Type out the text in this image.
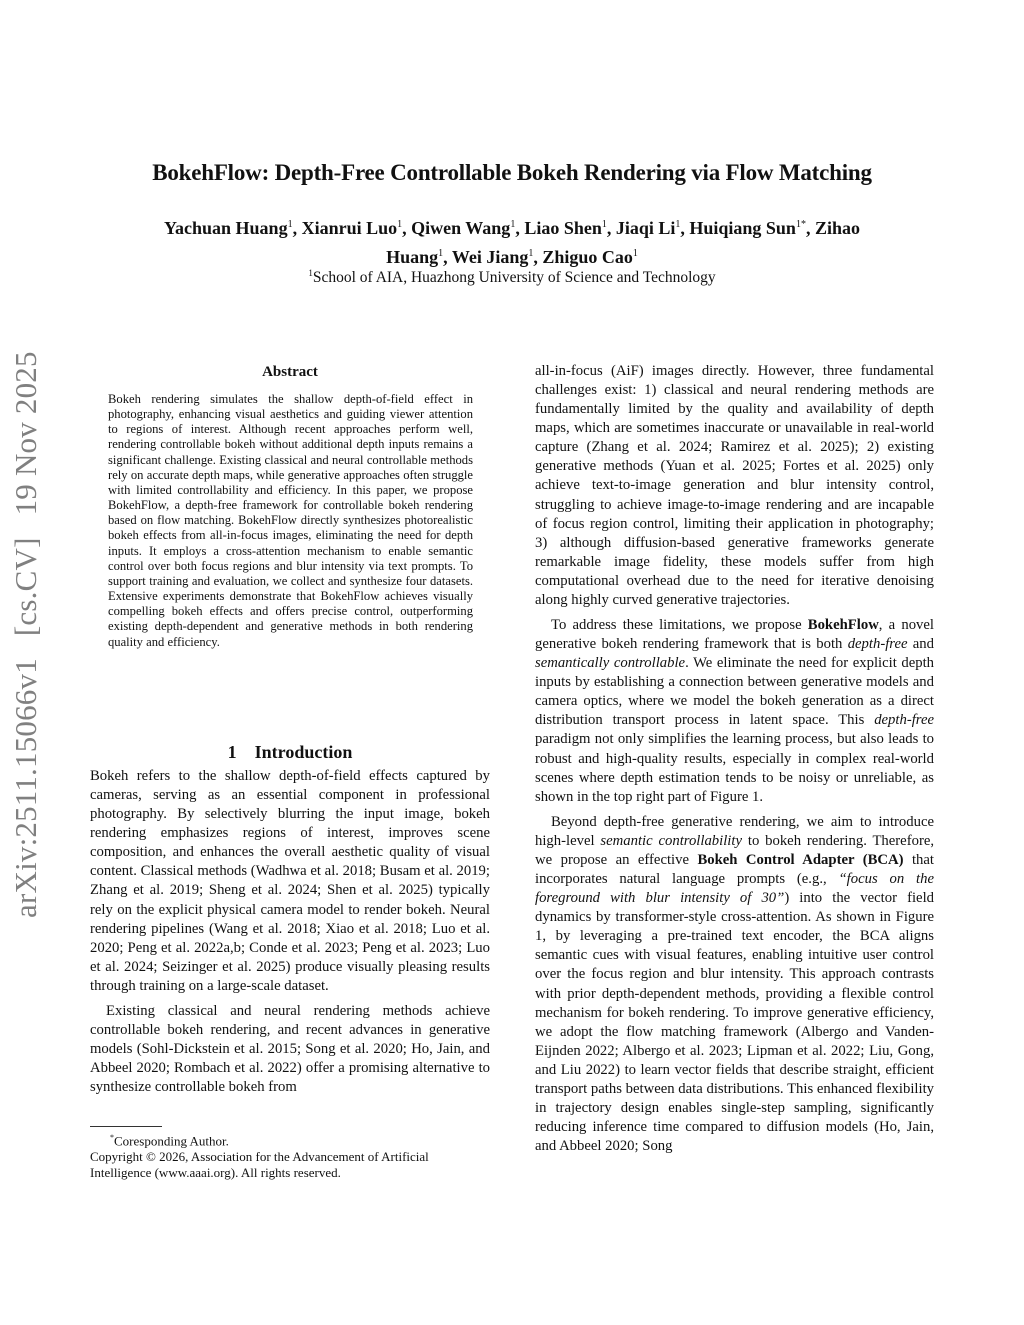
arXiv:2511.15066v1[cs.CV]19 Nov 2025
BokehFlow: Depth-Free Controllable Bokeh Rendering via Flow Matching
Yachuan Huang$^1$, Xianrui Luo$^1$, Qiwen Wang$^1$, Liao Shen$^1$, Jiaqi Li$^1$, Huiqiang Sun$^{1*}$, Zihao
Huang$^1$, Wei Jiang$^1$, Zhiguo Cao$^1$
$^1$School of AIA, Huazhong University of Science and Technology
Abstract
Bokeh rendering simulates the shallow depth-of-field effect in photography, enhancing visual aesthetics and guiding viewer attention to regions of interest. Although recent approaches perform well, rendering controllable bokeh without additional depth inputs remains a significant challenge. Existing classical and neural controllable methods rely on accurate depth maps, while generative approaches often struggle with limited controllability and efficiency. In this paper, we propose BokehFlow, a depth-free framework for controllable bokeh rendering based on flow matching. BokehFlow directly synthesizes photorealistic bokeh effects from all-in-focus images, eliminating the need for depth inputs. It employs a cross-attention mechanism to enable semantic control over both focus regions and blur intensity via text prompts. To support training and evaluation, we collect and synthesize four datasets. Extensive experiments demonstrate that BokehFlow achieves visually compelling bokeh effects and offers precise control, outperforming existing depth-dependent and generative methods in both rendering quality and efficiency.
1 Introduction

Bokeh refers to the shallow depth-of-field effects captured by cameras, serving as an essential component in professional photography. By selectively blurring the input image, bokeh rendering emphasizes regions of interest, improves scene composition, and enhances the overall aesthetic quality of visual content. Classical methods (Wadhwa et al. 2018; Busam et al. 2019; Zhang et al. 2019; Sheng et al. 2024; Shen et al. 2025) typically rely on the explicit physical camera model to render bokeh. Neural rendering pipelines (Wang et al. 2018; Xiao et al. 2018; Luo et al. 2020; Peng et al. 2022a,b; Conde et al. 2023; Peng et al. 2023; Luo et al. 2024; Seizinger et al. 2025) produce visually pleasing results through training on a large-scale dataset.

Existing classical and neural rendering methods achieve controllable bokeh rendering, and recent advances in generative models (Sohl-Dickstein et al. 2015; Song et al. 2020; Ho, Jain, and Abbeel 2020; Rombach et al. 2022) offer a promising alternative to synthesize controllable bokeh from

*Coresponding Author.
Copyright © 2026, Association for the Advancement of Artificial Intelligence (www.aaai.org). All rights reserved.

all-in-focus (AiF) images directly. However, three fundamental challenges exist: 1) classical and neural rendering methods are fundamentally limited by the quality and availability of depth maps, which are sometimes inaccurate or unavailable in real-world capture (Zhang et al. 2024; Ramirez et al. 2025); 2) existing generative methods (Yuan et al. 2025; Fortes et al. 2025) only achieve text-to-image generation and blur intensity control, struggling to achieve image-to-image rendering and are incapable of focus region control, limiting their application in photography; 3) although diffusion-based generative frameworks generate remarkable image fidelity, these models suffer from high computational overhead due to the need for iterative denoising along highly curved generative trajectories.

To address these limitations, we propose BokehFlow, a novel generative bokeh rendering framework that is both depth-free and semantically controllable. We eliminate the need for explicit depth inputs by establishing a connection between generative models and camera optics, where we model the bokeh generation as a direct distribution transport process in latent space. This depth-free paradigm not only simplifies the learning process, but also leads to robust and high-quality results, especially in complex real-world scenes where depth estimation tends to be noisy or unreliable, as shown in the top right part of Figure 1.

Beyond depth-free generative rendering, we aim to introduce high-level semantic controllability to bokeh rendering. Therefore, we propose an effective Bokeh Control Adapter (BCA) that incorporates natural language prompts (e.g., “focus on the foreground with blur intensity of 30”) into the vector field dynamics by transformer-style cross-attention. As shown in Figure 1, by leveraging a pre-trained text encoder, the BCA aligns semantic cues with visual features, enabling intuitive user control over the focus region and blur intensity. This approach contrasts with prior depth-dependent methods, providing a flexible control mechanism for bokeh rendering. To improve generative efficiency, we adopt the flow matching framework (Albergo and Vanden-Eijnden 2022; Albergo et al. 2023; Lipman et al. 2022; Liu, Gong, and Liu 2022) to learn vector fields that describe straight, efficient transport paths between data distributions. This enhanced flexibility in trajectory design enables single-step sampling, significantly reducing inference time compared to diffusion models (Ho, Jain, and Abbeel 2020; Song
